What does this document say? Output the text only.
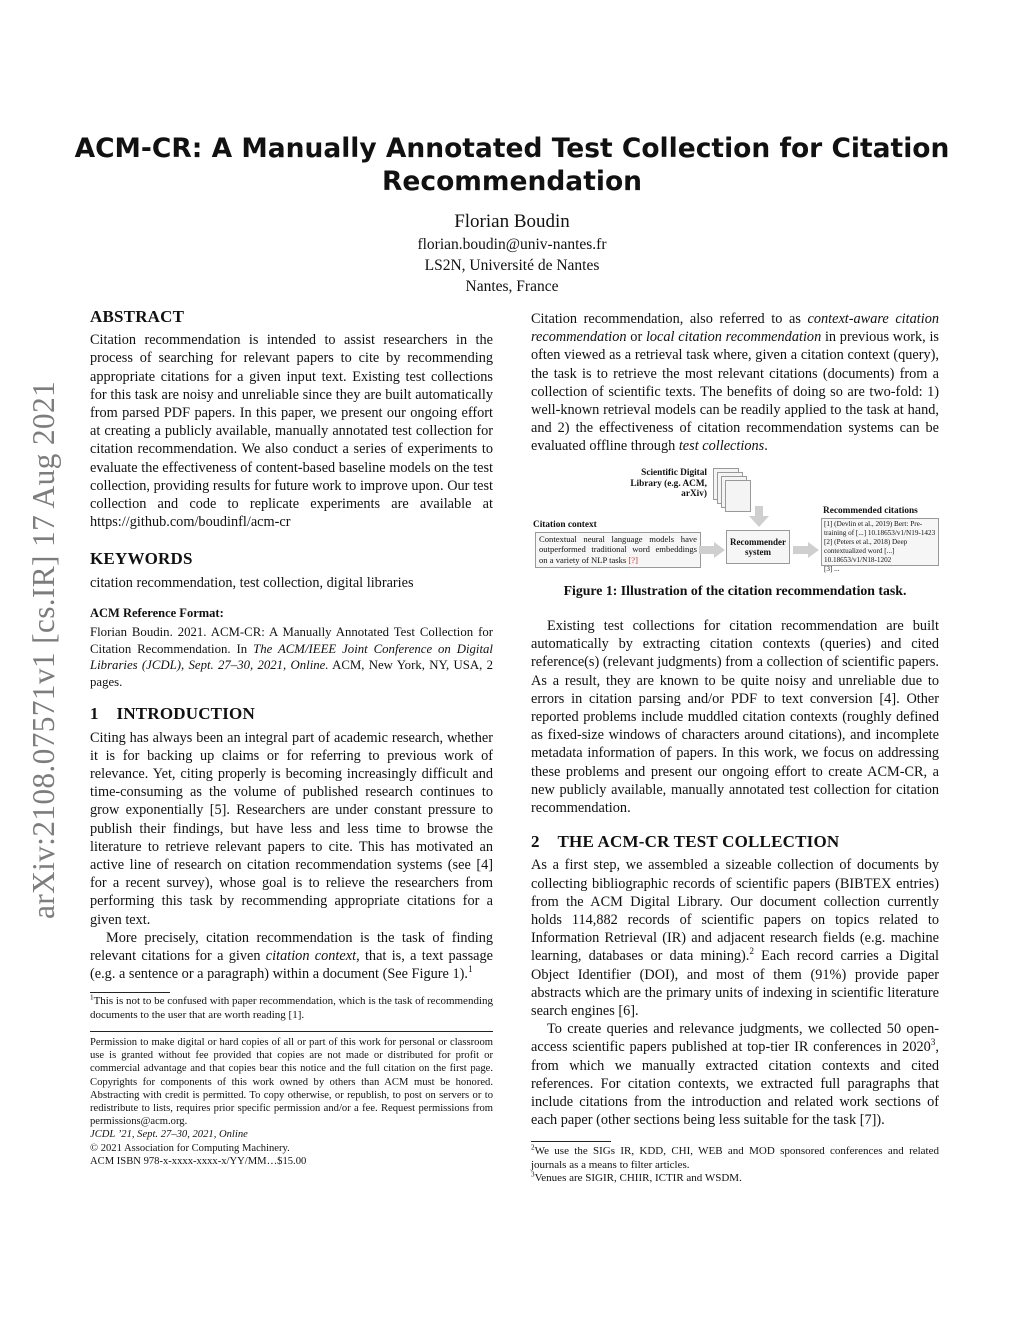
arXiv:2108.07571v1 [cs.IR] 17 Aug 2021
ACM-CR: A Manually Annotated Test Collection for Citation
Recommendation
Florian Boudin
florian.boudin@univ-nantes.fr
LS2N, Université de Nantes
Nantes, France
ABSTRACT

Citation recommendation is intended to assist researchers in the process of searching for relevant papers to cite by recommending appropriate citations for a given input text. Existing test collections for this task are noisy and unreliable since they are built automatically from parsed PDF papers. In this paper, we present our ongoing effort at creating a publicly available, manually annotated test collection for citation recommendation. We also conduct a series of experiments to evaluate the effectiveness of content-based baseline models on the test collection, providing results for future work to improve upon. Our test collection and code to replicate experiments are available at https://github.com/boudinfl/acm-cr

KEYWORDS

citation recommendation, test collection, digital libraries

ACM Reference Format:

Florian Boudin. 2021. ACM-CR: A Manually Annotated Test Collection for Citation Recommendation. In The ACM/IEEE Joint Conference on Digital Libraries (JCDL), Sept. 27–30, 2021, Online. ACM, New York, NY, USA, 2 pages.

1 INTRODUCTION

Citing has always been an integral part of academic research, whether it is for backing up claims or for referring to previous work of relevance. Yet, citing properly is becoming increasingly difficult and time-consuming as the volume of published research continues to grow exponentially [5]. Researchers are under constant pressure to publish their findings, but have less and less time to browse the literature to retrieve relevant papers to cite. This has motivated an active line of research on citation recommendation systems (see [4] for a recent survey), whose goal is to relieve the researchers from performing this task by recommending appropriate citations for a given text.

More precisely, citation recommendation is the task of finding relevant citations for a given citation context, that is, a text passage (e.g. a sentence or a paragraph) within a document (See Figure 1).$^1$

$^1$This is not to be confused with paper recommendation, which is the task of recommending documents to the user that are worth reading [1].

Permission to make digital or hard copies of all or part of this work for personal or classroom use is granted without fee provided that copies are not made or distributed for profit or commercial advantage and that copies bear this notice and the full citation on the first page. Copyrights for components of this work owned by others than ACM must be honored. Abstracting with credit is permitted. To copy otherwise, or republish, to post on servers or to redistribute to lists, requires prior specific permission and/or a fee. Request permissions from permissions@acm.org.

JCDL ’21, Sept. 27–30, 2021, Online

© 2021 Association for Computing Machinery.

ACM ISBN 978-x-xxxx-xxxx-x/YY/MM…$15.00

Citation recommendation, also referred to as context-aware citation recommendation or local citation recommendation in previous work, is often viewed as a retrieval task where, given a citation context (query), the task is to retrieve the most relevant citations (documents) from a collection of scientific texts. The benefits of doing so are two-fold: 1) well-known retrieval models can be readily applied to the task at hand, and 2) the effectiveness of citation recommendation systems can be evaluated offline through test collections.

Scientific Digital Library (e.g. ACM, arXiv)
Citation context
Contextual neural language models have outperformed traditional word embeddings on a variety of NLP tasks [?]
Recommender system
Recommended citations
[1] (Devlin et al., 2019) Bert: Pre-training of [...] 10.18653/v1/N19-1423
[2] (Peters et al., 2018) Deep contextualized word [...] 10.18653/v1/N18-1202
[3] ...
Figure 1: Illustration of the citation recommendation task.

Existing test collections for citation recommendation are built automatically by extracting citation contexts (queries) and cited reference(s) (relevant judgments) from a collection of scientific papers. As a result, they are known to be quite noisy and unreliable due to errors in citation parsing and/or PDF to text conversion [4]. Other reported problems include muddled citation contexts (roughly defined as fixed-size windows of characters around citations), and incomplete metadata information of papers. In this work, we focus on addressing these problems and present our ongoing effort to create ACM-CR, a new publicly available, manually annotated test collection for citation recommendation.

2 THE ACM-CR TEST COLLECTION

As a first step, we assembled a sizeable collection of documents by collecting bibliographic records of scientific papers (BIBTEX entries) from the ACM Digital Library. Our document collection currently holds 114,882 records of scientific papers on topics related to Information Retrieval (IR) and adjacent research fields (e.g. machine learning, databases or data mining).$^2$ Each record carries a Digital Object Identifier (DOI), and most of them (91%) provide paper abstracts which are the primary units of indexing in scientific literature search engines [6].

To create queries and relevance judgments, we collected 50 open-access scientific papers published at top-tier IR conferences in 2020$^3$, from which we manually extracted citation contexts and cited references. For citation contexts, we extracted full paragraphs that include citations from the introduction and related work sections of each paper (other sections being less suitable for the task [7]).

$^2$We use the SIGs IR, KDD, CHI, WEB and MOD sponsored conferences and related journals as a means to filter articles.

$^3$Venues are SIGIR, CHIIR, ICTIR and WSDM.
